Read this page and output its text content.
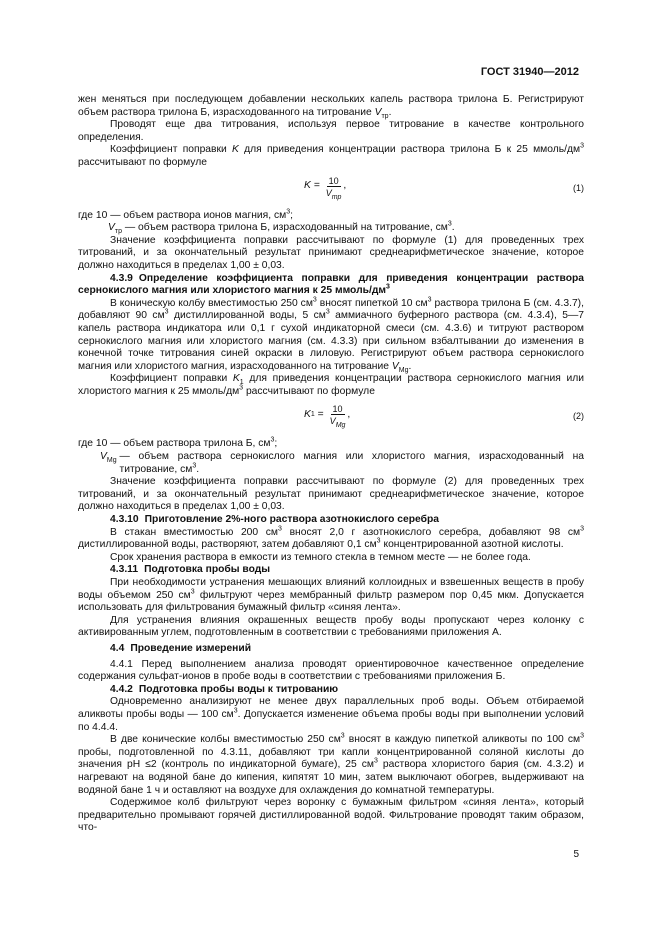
ГОСТ 31940—2012

жен меняться при последующем добавлении нескольких капель раствора трилона Б. Регистрируют объем раствора трилона Б, израсходованного на титрование $V_{тр}$.

Проводят еще два титрования, используя первое титрование в качестве контрольного определения.

Коэффициент поправки K для приведения концентрации раствора трилона Б к 25 ммоль/$дм^3$ рассчитывают по формуле

$K = \frac{10}{V_{тр}}$ ,	(1)

где 10 — объем раствора ионов магния, $см^3$;

$V_{тр}$ — объем раствора трилона Б, израсходованный на титрование, $см^3$.

Значение коэффициента поправки рассчитывают по формуле (1) для проведенных трех титрований, и за окончательный результат принимают среднеарифметическое значение, которое должно находиться в пределах 1,00 ± 0,03.

4.3.9 Определение коэффициента поправки для приведения концентрации раствора сернокислого магния или хлористого магния к 25 ммоль/$дм^3$

В коническую колбу вместимостью 250 $см^3$ вносят пипеткой 10 $см^3$ раствора трилона Б (см. 4.3.7), добавляют 90 $см^3$ дистиллированной воды, 5 $см^3$ аммиачного буферного раствора (см. 4.3.4), 5—7 капель раствора индикатора или 0,1 г сухой индикаторной смеси (см. 4.3.6) и титруют раствором сернокислого магния или хлористого магния (см. 4.3.3) при сильном взбалтывании до изменения в конечной точке титрования синей окраски в лиловую. Регистрируют объем раствора сернокислого магния или хлористого магния, израсходованного на титрование $V_{Mg}$.

Коэффициент поправки $K_1$ для приведения концентрации раствора сернокислого магния или хлористого магния к 25 ммоль/$дм^3$ рассчитывают по формуле

K 1
= $\frac{10}{V_{Mg}}$ ,	(2)

где 10 — объем раствора трилона Б, $см^3$;

$V_{Mg}$ — объем раствора сернокислого магния или хлористого магния, израсходованный на титрование, $см^3$.

Значение коэффициента поправки рассчитывают по формуле (2) для проведенных трех титрований, и за окончательный результат принимают среднеарифметическое значение, которое должно находиться в пределах 1,00 ± 0,03.

4.3.10 Приготовление 2%-ного раствора азотнокислого серебра

В стакан вместимостью 200 $см^3$ вносят 2,0 г азотнокислого серебра, добавляют 98 $см^3$ дистиллированной воды, растворяют, затем добавляют 0,1 $см^3$ концентрированной азотной кислоты.

Срок хранения раствора в емкости из темного стекла в темном месте — не более года.

4.3.11 Подготовка пробы воды

При необходимости устранения мешающих влияний коллоидных и взвешенных веществ в пробу воды объемом 250 $см^3$ фильтруют через мембранный фильтр размером пор 0,45 мкм. Допускается использовать для фильтрования бумажный фильтр «синяя лента».

Для устранения влияния окрашенных веществ пробу воды пропускают через колонку с активированным углем, подготовленным в соответствии с требованиями приложения А.

4.4 Проведение измерений

4.4.1 Перед выполнением анализа проводят ориентировочное качественное определение содержания сульфат-ионов в пробе воды в соответствии с требованиями приложения Б.

4.4.2 Подготовка пробы воды к титрованию

Одновременно анализируют не менее двух параллельных проб воды. Объем отбираемой аликвоты пробы воды — 100 $см^3$. Допускается изменение объема пробы воды при выполнении условий по 4.4.4.

В две конические колбы вместимостью 250 $см^3$ вносят в каждую пипеткой аликвоты по 100 $см^3$ пробы, подготовленной по 4.3.11, добавляют три капли концентрированной соляной кислоты до значения pH ≤2 (контроль по индикаторной бумаге), 25 $см^3$ раствора хлористого бария (см. 4.3.2) и нагревают на водяной бане до кипения, кипятят 10 мин, затем выключают обогрев, выдерживают на водяной бане 1 ч и оставляют на воздухе для охлаждения до комнатной температуры.

Содержимое колб фильтруют через воронку с бумажным фильтром «синяя лента», который предварительно промывают горячей дистиллированной водой. Фильтрование проводят таким образом, что-

5
